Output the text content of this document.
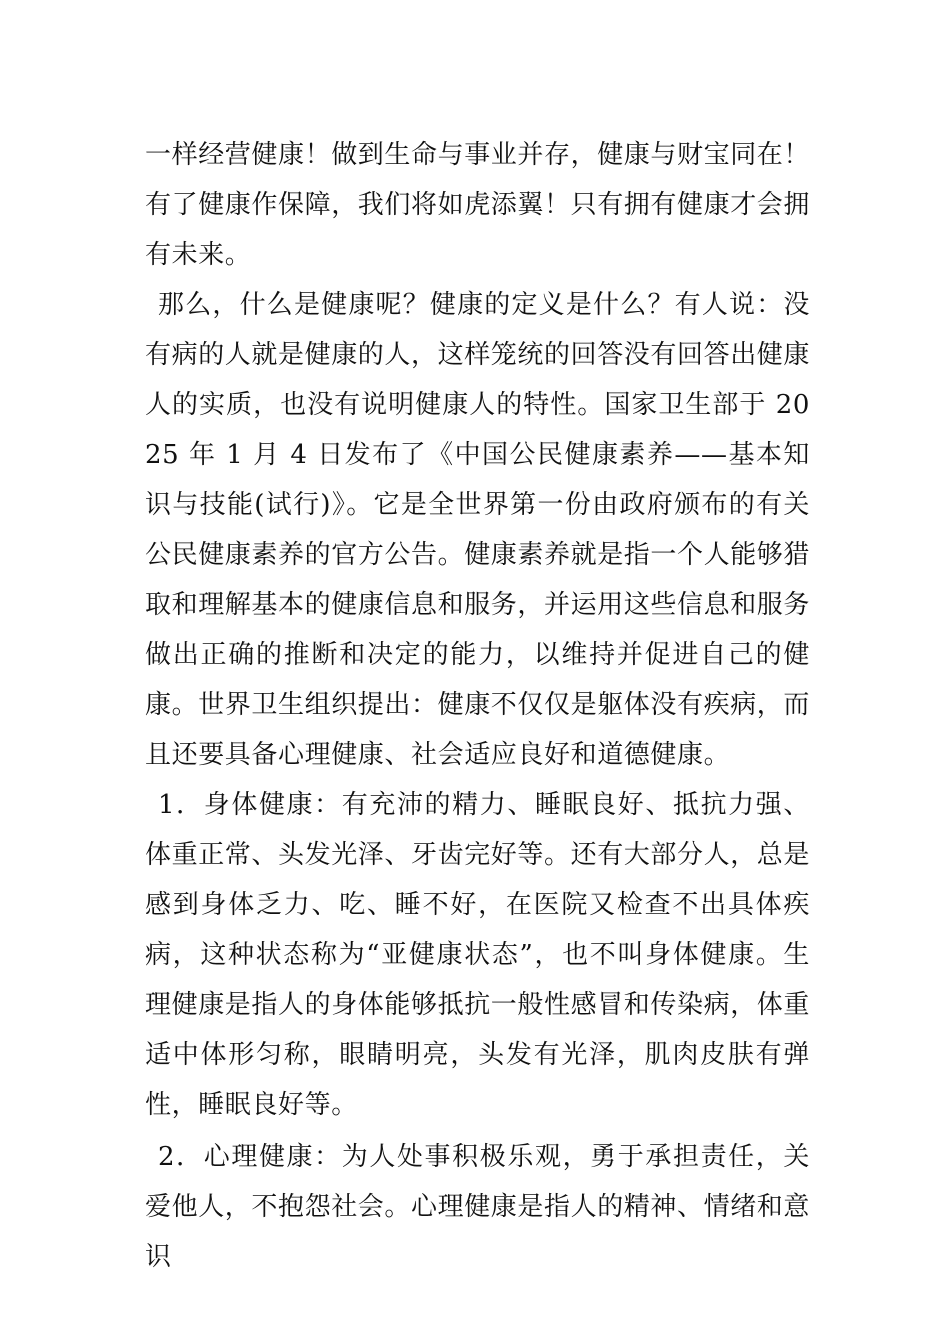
一样经营健康！做到生命与事业并存，健康与财宝同在！

有了健康作保障，我们将如虎添翼！只有拥有健康才会拥有未来。

那么，什么是健康呢？健康的定义是什么？有人说：没有病的人就是健康的人，这样笼统的回答没有回答出健康人的实质，也没有说明健康人的特性。国家卫生部于 2025 年 1 月 4 日发布了《中国公民健康素养——基本知识与技能(试行)》。它是全世界第一份由政府颁布的有关公民健康素养的官方公告。健康素养就是指一个人能够猎取和理解基本的健康信息和服务，并运用这些信息和服务做出正确的推断和决定的能力，以维持并促进自己的健康。世界卫生组织提出：健康不仅仅是躯体没有疾病，而且还要具备心理健康、社会适应良好和道德健康。

1．身体健康：有充沛的精力、睡眠良好、抵抗力强、体重正常、头发光泽、牙齿完好等。还有大部分人，总是感到身体乏力、吃、睡不好，在医院又检查不出具体疾病，这种状态称为“亚健康状态”，也不叫身体健康。生理健康是指人的身体能够抵抗一般性感冒和传染病，体重适中体形匀称，眼睛明亮，头发有光泽，肌肉皮肤有弹性，睡眠良好等。

2．心理健康：为人处事积极乐观，勇于承担责任，关爱他人，不抱怨社会。心理健康是指人的精神、情绪和意识
